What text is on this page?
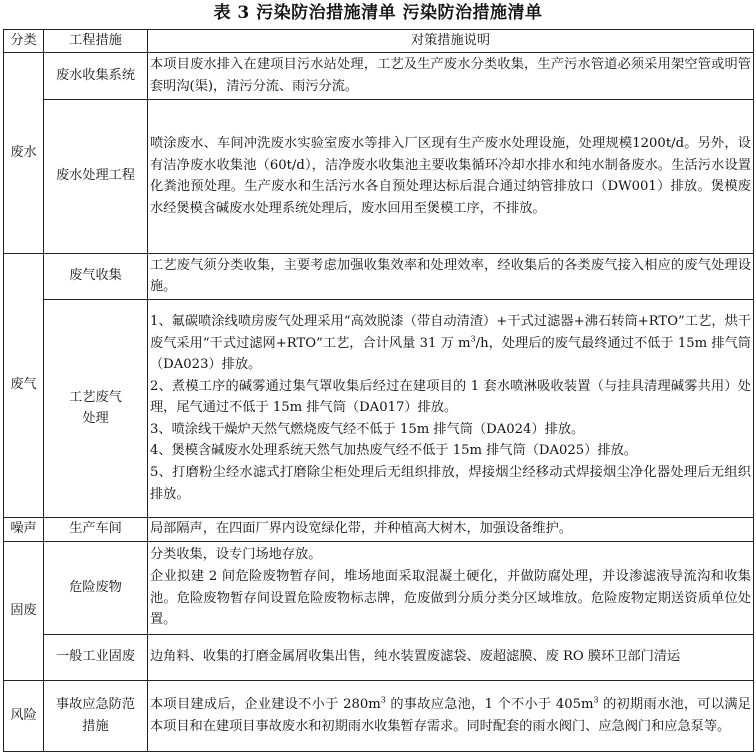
表 3 污染防治措施清单 污染防治措施清单
分类	工程措施	对策措施说明
废水	废水收集系统	本项目废水排入在建项目污水站处理，工艺及生产废水分类收集，生产污水管道必须采用架空管或明管套明沟(渠)，清污分流、雨污分流。
	废水处理工程	喷涂废水、车间冲洗废水实验室废水等排入厂区现有生产废水处理设施，处理规模1200t/d。另外，设有洁净废水收集池（60t/d），洁净废水收集池主要收集循环冷却水排水和纯水制备废水。生活污水设置化粪池预处理。生产废水和生活污水各自预处理达标后混合通过纳管排放口（DW001）排放。煲模废水经煲模含碱废水处理系统处理后，废水回用至煲模工序，不排放。
废气	废气收集	工艺废气须分类收集，主要考虑加强收集效率和处理效率，经收集后的各类废气接入相应的废气处理设施。
	工艺废气处理	1、氟碳喷涂线喷房废气处理采用“高效脱漆（带自动清渣）+干式过滤器+沸石转筒+RTO”工艺，烘干废气采用“干式过滤网+RTO”工艺，合计风量 31 万 $m^3/h$，处理后的废气最终通过不低于 15m 排气筒（DA023）排放。
2、煮模工序的碱雾通过集气罩收集后经过在建项目的 1 套水喷淋吸收装置（与挂具清理碱雾共用）处理，尾气通过不低于 15m 排气筒（DA017）排放。
3、喷涂线干燥炉天然气燃烧废气经不低于 15m 排气筒（DA024）排放。
4、煲模含碱废水处理系统天然气加热废气经不低于 15m 排气筒（DA025）排放。
5、打磨粉尘经水滤式打磨除尘柜处理后无组织排放，焊接烟尘经移动式焊接烟尘净化器处理后无组织排放。

噪声	生产车间	局部隔声，在四面厂界内设宽绿化带，并种植高大树木，加强设备维护。
固废	危险废物	分类收集，设专门场地存放。
企业拟建 2 间危险废物暂存间，堆场地面采取混凝土硬化，并做防腐处理，并设渗滤液导流沟和收集池。危险废物暂存间设置危险废物标志牌，危废做到分质分类分区域堆放。危险废物定期送资质单位处置。

	一般工业固废	边角料、收集的打磨金属屑收集出售，纯水装置废滤袋、废超滤膜、废 RO 膜环卫部门清运
风险	事故应急防范措施	本项目建成后，企业建设不小于 $280m^3$ 的事故应急池，1 个不小于 $405m^3$ 的初期雨水池，可以满足本项目和在建项目事故废水和初期雨水收集暂存需求。同时配套的雨水阀门、应急阀门和应急泵等。
